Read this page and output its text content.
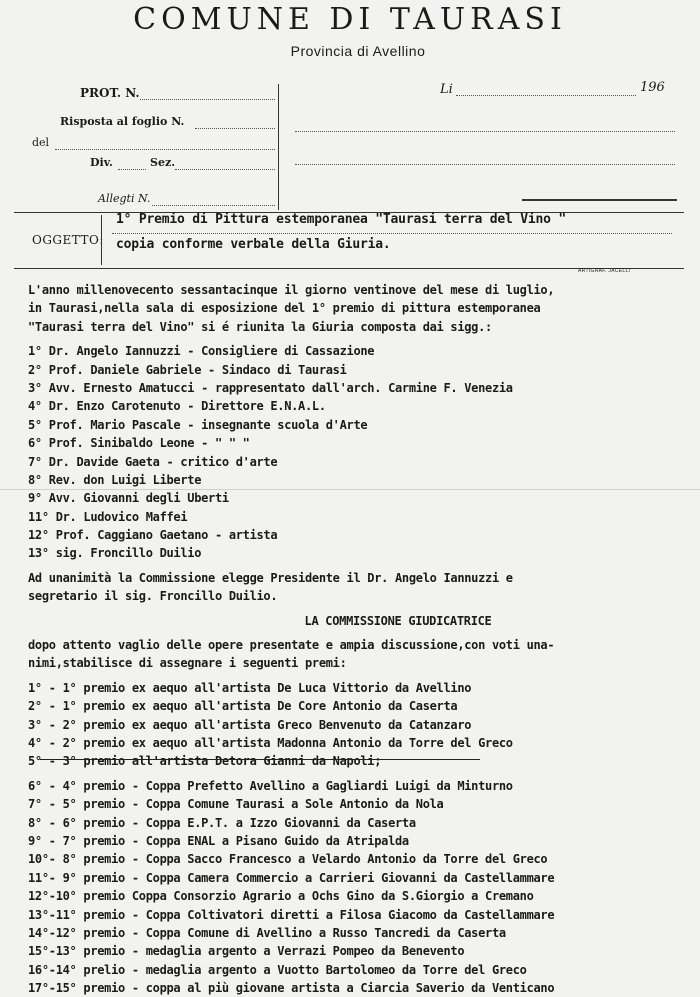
COMUNE DI TAURASI
Provincia di Avellino
PROT. N.
Risposta al foglio N.
del
Div.	Sez.
Allegti N.
Li	196
OGGETTO:
1° Premio di Pittura estemporanea "Taurasi terra del Vino "
copia conforme verbale della Giuria.
ARTIGRAF. JACELLI
L'anno millenovecento sessantacinque il giorno ventinove del mese di luglio,
in Taurasi,nella sala di esposizione del 1° premio di pittura estemporanea
"Taurasi terra del Vino" si é riunita la Giuria composta dai sigg.:
1° Dr. Angelo Iannuzzi - Consigliere di Cassazione
2° Prof. Daniele Gabriele - Sindaco di Taurasi
3° Avv. Ernesto Amatucci - rappresentato dall'arch. Carmine F. Venezia
4° Dr. Enzo Carotenuto - Direttore E.N.A.L.
5° Prof. Mario Pascale - insegnante scuola d'Arte
6° Prof. Sinibaldo Leone - " " "
7° Dr. Davide Gaeta - critico d'arte
8° Rev. don Luigi Liberte
9° Avv. Giovanni degli Uberti
11° Dr. Ludovico Maffei
12° Prof. Caggiano Gaetano - artista
13° sig. Froncillo Duilio
Ad unanimità la Commissione elegge Presidente il Dr. Angelo Iannuzzi e
segretario il sig. Froncillo Duilio.
LA COMMISSIONE GIUDICATRICE
dopo attento vaglio delle opere presentate e ampia discussione,con voti una-
nimi,stabilisce di assegnare i seguenti premi:
1° - 1° premio ex aequo all'artista De Luca Vittorio da Avellino
2° - 1° premio ex aequo all'artista De Core Antonio da Caserta
3° - 2° premio ex aequo all'artista Greco Benvenuto da Catanzaro
4° - 2° premio ex aequo all'artista Madonna Antonio da Torre del Greco
5° - 3° premio all'artista Detora Gianni da Napoli;
6° - 4° premio - Coppa Prefetto Avellino a Gagliardi Luigi da Minturno
7° - 5° premio - Coppa Comune Taurasi a Sole Antonio da Nola
8° - 6° premio - Coppa E.P.T. a Izzo Giovanni da Caserta
9° - 7° premio - Coppa ENAL a Pisano Guido da Atripalda
10°- 8° premio - Coppa Sacco Francesco a Velardo Antonio da Torre del Greco
11°- 9° premio - Coppa Camera Commercio a Carrieri Giovanni da Castellammare
12°-10° premio Coppa Consorzio Agrario a Ochs Gino da S.Giorgio a Cremano
13°-11° premio - Coppa Coltivatori diretti a Filosa Giacomo da Castellammare
14°-12° premio - Coppa Comune di Avellino a Russo Tancredi da Caserta
15°-13° premio - medaglia argento a Verrazi Pompeo da Benevento
16°-14° prelio - medaglia argento a Vuotto Bartolomeo da Torre del Greco
17°-15° premio - coppa al più giovane artista a Ciarcia Saverio da Venticano
